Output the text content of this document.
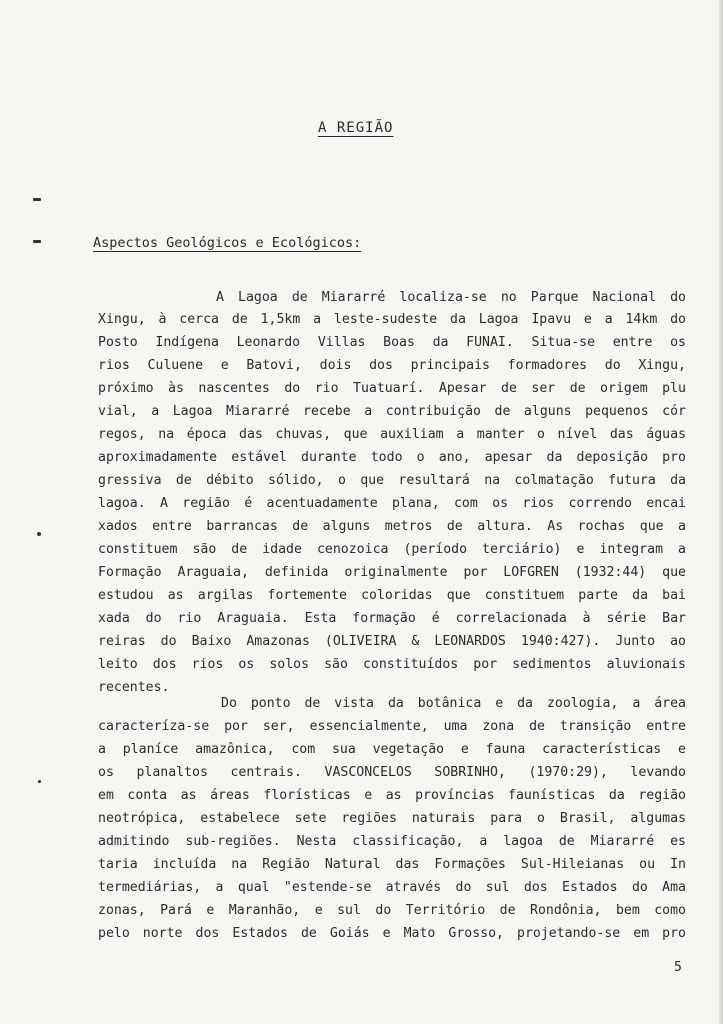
A REGIÃO
Aspectos Geológicos e Ecológicos:
A Lagoa de Miararré localiza-se no Parque Nacional do
Xingu, à cerca de 1,5km a leste-sudeste da Lagoa Ipavu e a 14km do
Posto Indígena Leonardo Villas Boas da FUNAI. Situa-se entre os
rios Culuene e Batovi, dois dos principais formadores do Xingu,
próximo às nascentes do rio Tuatuarí. Apesar de ser de origem plu
vial, a Lagoa Miararré recebe a contribuição de alguns pequenos cór
regos, na época das chuvas, que auxiliam a manter o nível das águas
aproximadamente estável durante todo o ano, apesar da deposição pro
gressiva de débito sólido, o que resultará na colmatação futura da
lagoa. A região é acentuadamente plana, com os rios correndo encai
xados entre barrancas de alguns metros de altura. As rochas que a
constituem são de idade cenozoica (período terciário) e integram a
Formação Araguaia, definida originalmente por LOFGREN (1932:44) que
estudou as argilas fortemente coloridas que constituem parte da bai
xada do rio Araguaia. Esta formação é correlacionada à série Bar
reiras do Baixo Amazonas (OLIVEIRA & LEONARDOS 1940:427). Junto ao
leito dos rios os solos são constituídos por sedimentos aluvionais
recentes.
Do ponto de vista da botânica e da zoologia, a área
caracteríza-se por ser, essencialmente, uma zona de transição entre
a planíce amazônica, com sua vegetação e fauna características e
os planaltos centrais. VASCONCELOS SOBRINHO, (1970:29), levando
em conta as áreas florísticas e as províncias faunísticas da região
neotrópica, estabelece sete regiões naturais para o Brasil, algumas
admitindo sub-regiões. Nesta classificação, a lagoa de Miararré es
taria incluída na Região Natural das Formações Sul-Hileianas ou In
termediárias, a qual "estende-se através do sul dos Estados do Ama
zonas, Pará e Maranhão, e sul do Território de Rondônia, bem como
pelo norte dos Estados de Goiás e Mato Grosso, projetando-se em pro
5
